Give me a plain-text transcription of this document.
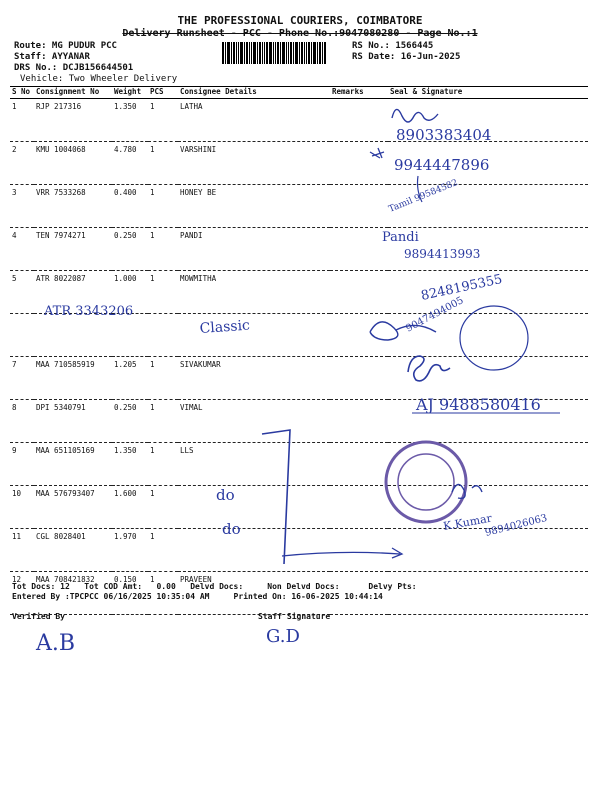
THE PROFESSIONAL COURIERS, COIMBATORE
Delivery Runsheet - PCC - Phone No.:9047080280 - Page No.:1
Route: MG PUDUR PCC
Staff: AYYANAR
DRS No.: DCJB156644501
Vehicle: Two Wheeler Delivery
RS No.: 1566445
RS Date: 16-Jun-2025
S No	Consignment No	Weight	PCS	Consignee Details	Remarks	Seal & Signature
1	RJP 217316	1.350	1	LATHA		
2	KMU 1004068	4.780	1	VARSHINI		
3	VRR 7533268	0.400	1	HONEY BE		
4	TEN 7974271	0.250	1	PANDI		
5	ATR 8022087	1.000	1	MOWMITHA		

7	MAA 710585919	1.205	1	SIVAKUMAR		
8	DPI 5340791	0.250	1	VIMAL		
9	MAA 651105169	1.350	1	LLS		
10	MAA 576793407	1.600	1			
11	CGL 8028401	1.970	1			
12	MAA 708421832	0.150	1	PRAVEEN		
Tot Docs: 12   Tot COD Amt:   0.00   Delvd Docs:     Non Delvd Docs:      Delvy Pts:
Entered By :TPCPCC 06/16/2025 10:35:04 AM     Printed On: 16-06-2025 10:44:14
Verified By	Staff Signature
8903383404
9944447896
Tamil 99584582
Pandi
9894413993
8248195355
9047494005
ATR 3343206
Classic
AJ 9488580416
K.Kumar
9894026063
do
do
A.B	G.D
